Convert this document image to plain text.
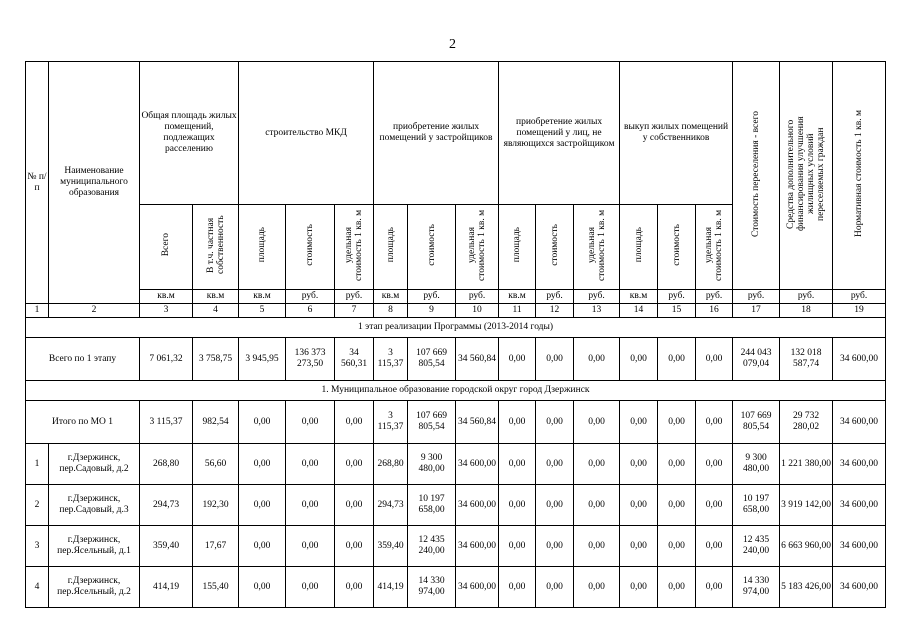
2
№ п/п	Наименование муниципального образования	Общая площадь жилых помещений, подлежащих расселению		строительство МКД			приобретение жилых помещений у застройщиков			приобретение жилых помещений у лиц, не являющихся застройщиком			выкуп жилых помещений у собственников			Стоимость переселения - всего	Средства дополнительного финансирования улучшения жилищных условий переселяемых граждан	Нормативная стоимость 1 кв. м
		Всего	В т.ч. частная собственность	площадь	стоимость	удельная стоимость 1 кв. м	площадь	стоимость	удельная стоимость 1 кв. м	площадь	стоимость	удельная стоимость 1 кв. м	площадь	стоимость	удельная стоимость 1 кв. м			
		кв.м	кв.м	кв.м	руб.	руб.	кв.м	руб.	руб.	кв.м	руб.	руб.	кв.м	руб.	руб.	руб.	руб.	руб.
1	2	3	4	5	6	7	8	9	10	11	12	13	14	15	16	17	18	19
1 этап реализации Программы (2013-2014 годы)																		
Всего по 1 этапу		7 061,32	3 758,75	3 945,95	136 373 273,50	34 560,31	3 115,37	107 669 805,54	34 560,84	0,00	0,00	0,00	0,00	0,00	0,00	244 043 079,04	132 018 587,74	34 600,00
1. Муниципальное образование городской округ город Дзержинск																		
Итого по МО 1		3 115,37	982,54	0,00	0,00	0,00	3 115,37	107 669 805,54	34 560,84	0,00	0,00	0,00	0,00	0,00	0,00	107 669 805,54	29 732 280,02	34 600,00
1	г.Дзержинск, пер.Садовый, д.2	268,80	56,60	0,00	0,00	0,00	268,80	9 300 480,00	34 600,00	0,00	0,00	0,00	0,00	0,00	0,00	9 300 480,00	1 221 380,00	34 600,00
2	г.Дзержинск, пер.Садовый, д.3	294,73	192,30	0,00	0,00	0,00	294,73	10 197 658,00	34 600,00	0,00	0,00	0,00	0,00	0,00	0,00	10 197 658,00	3 919 142,00	34 600,00
3	г.Дзержинск, пер.Ясельный, д.1	359,40	17,67	0,00	0,00	0,00	359,40	12 435 240,00	34 600,00	0,00	0,00	0,00	0,00	0,00	0,00	12 435 240,00	6 663 960,00	34 600,00
4	г.Дзержинск, пер.Ясельный, д.2	414,19	155,40	0,00	0,00	0,00	414,19	14 330 974,00	34 600,00	0,00	0,00	0,00	0,00	0,00	0,00	14 330 974,00	5 183 426,00	34 600,00
